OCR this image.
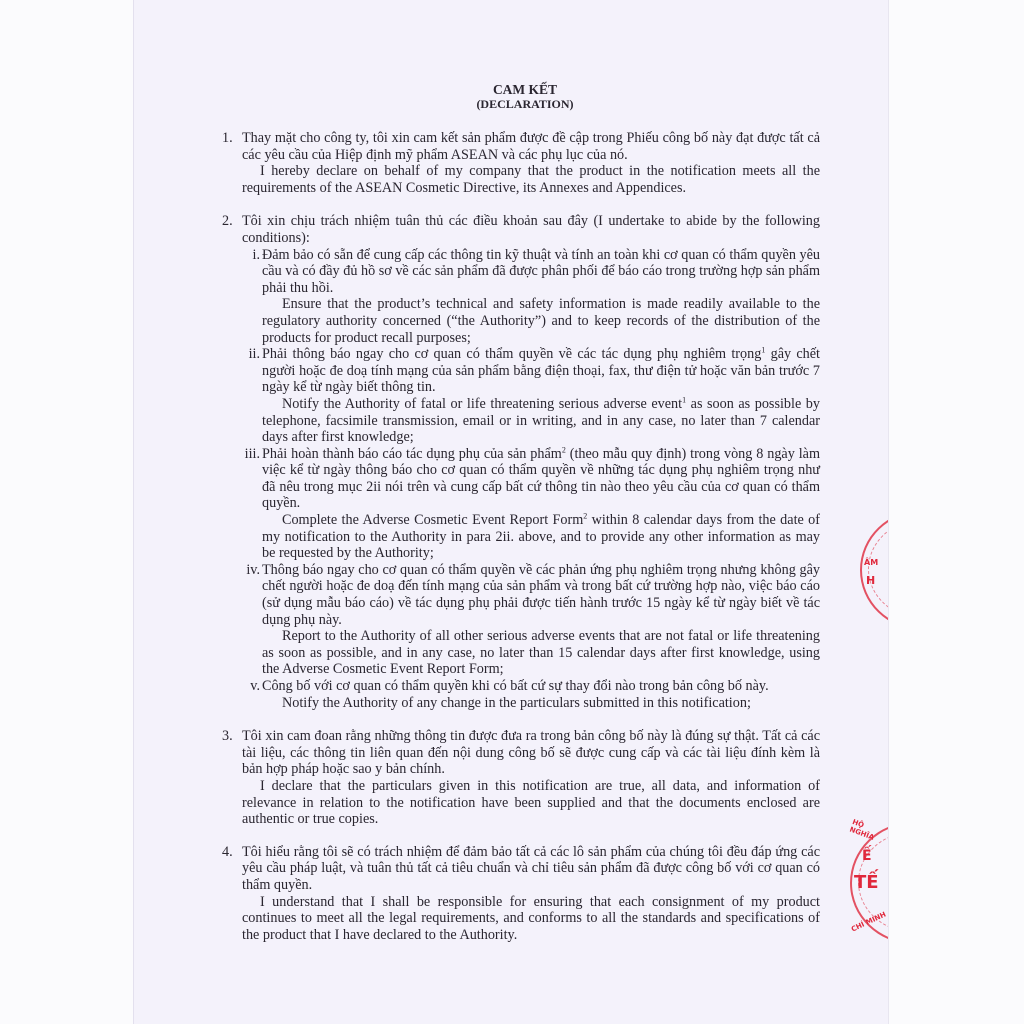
CAM KẾT
(DECLARATION)
1. Thay mặt cho công ty, tôi xin cam kết sản phẩm được đề cập trong Phiếu công bố này đạt được tất cả các yêu cầu của Hiệp định mỹ phẩm ASEAN và các phụ lục của nó.
I hereby declare on behalf of my company that the product in the notification meets all the requirements of the ASEAN Cosmetic Directive, its Annexes and Appendices.
2. Tôi xin chịu trách nhiệm tuân thủ các điều khoản sau đây (I undertake to abide by the following conditions):
i. Đảm bảo có sẵn để cung cấp các thông tin kỹ thuật và tính an toàn khi cơ quan có thẩm quyền yêu cầu và có đầy đủ hồ sơ về các sản phẩm đã được phân phối để báo cáo trong trường hợp sản phẩm phải thu hồi.
Ensure that the product’s technical and safety information is made readily available to the regulatory authority concerned (“the Authority”) and to keep records of the distribution of the products for product recall purposes;
ii. Phải thông báo ngay cho cơ quan có thẩm quyền về các tác dụng phụ nghiêm trọng$^1$ gây chết người hoặc đe doạ tính mạng của sản phẩm bằng điện thoại, fax, thư điện tử hoặc văn bản trước 7 ngày kể từ ngày biết thông tin.
Notify the Authority of fatal or life threatening serious adverse event$^1$ as soon as possible by telephone, facsimile transmission, email or in writing, and in any case, no later than 7 calendar days after first knowledge;
iii. Phải hoàn thành báo cáo tác dụng phụ của sản phẩm$^2$ (theo mẫu quy định) trong vòng 8 ngày làm việc kể từ ngày thông báo cho cơ quan có thẩm quyền về những tác dụng phụ nghiêm trọng như đã nêu trong mục 2ii nói trên và cung cấp bất cứ thông tin nào theo yêu cầu của cơ quan có thẩm quyền.
Complete the Adverse Cosmetic Event Report Form$^2$ within 8 calendar days from the date of my notification to the Authority in para 2ii. above, and to provide any other information as may be requested by the Authority;
iv. Thông báo ngay cho cơ quan có thẩm quyền về các phản ứng phụ nghiêm trọng nhưng không gây chết người hoặc đe doạ đến tính mạng của sản phẩm và trong bất cứ trường hợp nào, việc báo cáo (sử dụng mẫu báo cáo) về tác dụng phụ phải được tiến hành trước 15 ngày kể từ ngày biết về tác dụng phụ này.
Report to the Authority of all other serious adverse events that are not fatal or life threatening as soon as possible, and in any case, no later than 15 calendar days after first knowledge, using the Adverse Cosmetic Event Report Form;
v. Công bố với cơ quan có thẩm quyền khi có bất cứ sự thay đổi nào trong bản công bố này.
Notify the Authority of any change in the particulars submitted in this notification;
3. Tôi xin cam đoan rằng những thông tin được đưa ra trong bản công bố này là đúng sự thật. Tất cả các tài liệu, các thông tin liên quan đến nội dung công bố sẽ được cung cấp và các tài liệu đính kèm là bản hợp pháp hoặc sao y bản chính.
I declare that the particulars given in this notification are true, all data, and information of relevance in relation to the notification have been supplied and that the documents enclosed are authentic or true copies.
4. Tôi hiểu rằng tôi sẽ có trách nhiệm để đảm bảo tất cả các lô sản phẩm của chúng tôi đều đáp ứng các yêu cầu pháp luật, và tuân thủ tất cả tiêu chuẩn và chỉ tiêu sản phẩm đã được công bố với cơ quan có thẩm quyền.
I understand that I shall be responsible for ensuring that each consignment of my product continues to meet all the legal requirements, and conforms to all the standards and specifications of the product that I have declared to the Authority.
ÂM
H
HỘ NGHĨA
Ế
TẾ
CHÍ MINH
